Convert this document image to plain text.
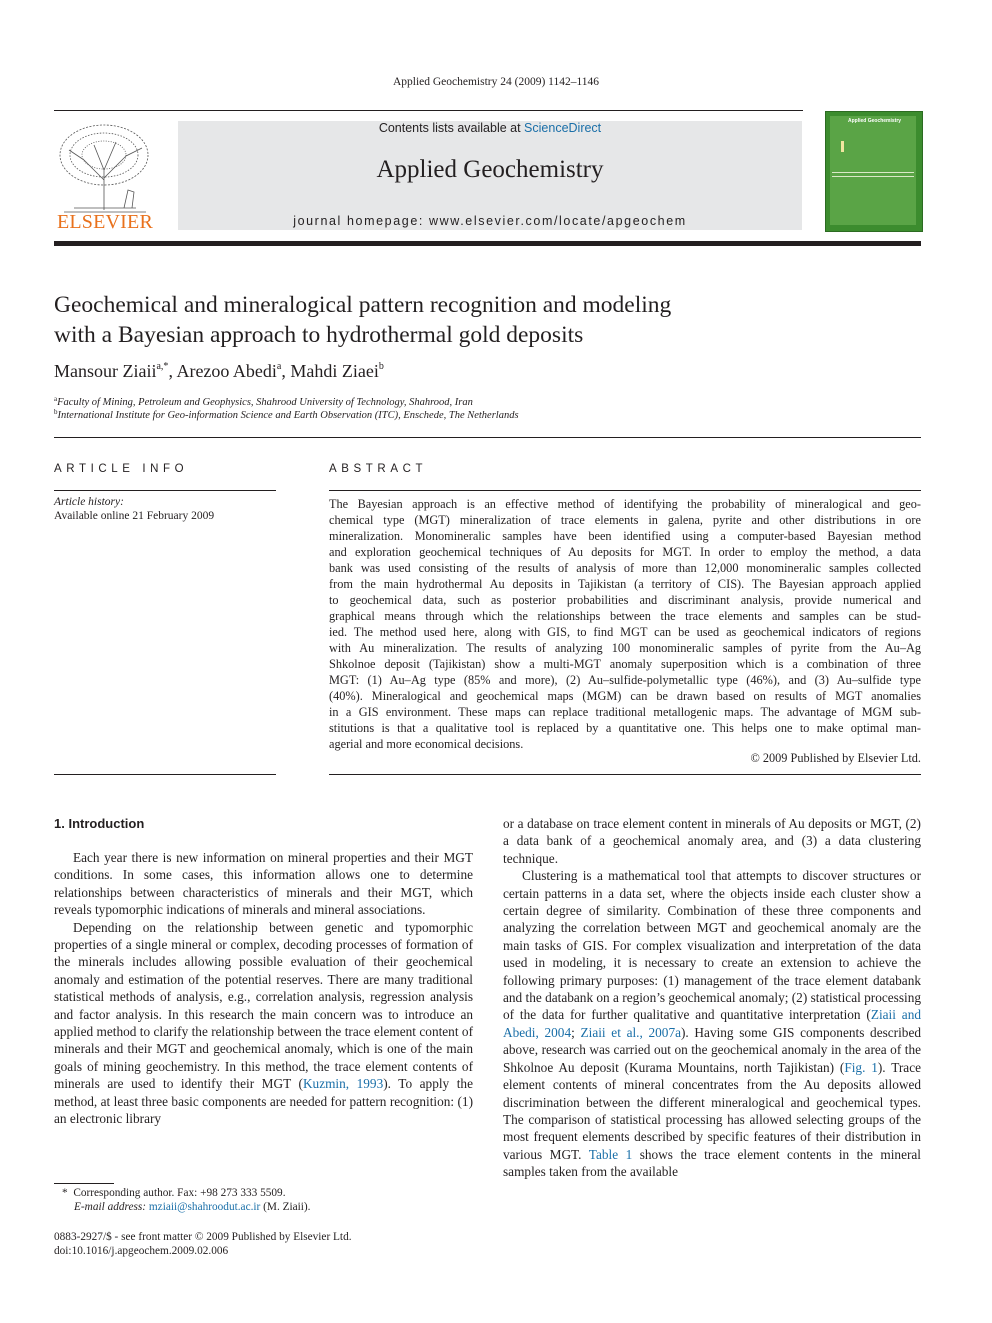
Applied Geochemistry 24 (2009) 1142–1146
ELSEVIER
Contents lists available at ScienceDirect
Applied Geochemistry
journal homepage: www.elsevier.com/locate/apgeochem
Applied Geochemistry
Geochemical and mineralogical pattern recognition and modeling
with a Bayesian approach to hydrothermal gold deposits
Mansour Ziaii$^{a,*}$, Arezoo Abedi$^a$, Mahdi Ziaei$^b$
$^a$Faculty of Mining, Petroleum and Geophysics, Shahrood University of Technology, Shahrood, Iran
$^b$International Institute for Geo-information Science and Earth Observation (ITC), Enschede, The Netherlands
ARTICLE INFO
Article history:
Available online 21 February 2009
ABSTRACT
The Bayesian approach is an effective method of identifying the probability of mineralogical and geo-
chemical type (MGT) mineralization of trace elements in galena, pyrite and other distributions in ore
mineralization. Monomineralic samples have been identified using a computer-based Bayesian method
and exploration geochemical techniques of Au deposits for MGT. In order to employ the method, a data
bank was used consisting of the results of analysis of more than 12,000 monomineralic samples collected
from the main hydrothermal Au deposits in Tajikistan (a territory of CIS). The Bayesian approach applied
to geochemical data, such as posterior probabilities and discriminant analysis, provide numerical and
graphical means through which the relationships between the trace elements and samples can be stud-
ied. The method used here, along with GIS, to find MGT can be used as geochemical indicators of regions
with Au mineralization. The results of analyzing 100 monomineralic samples of pyrite from the Au–Ag
Shkolnoe deposit (Tajikistan) show a multi-MGT anomaly superposition which is a combination of three
MGT: (1) Au–Ag type (85% and more), (2) Au–sulfide-polymetallic type (46%), and (3) Au–sulfide type
(40%). Mineralogical and geochemical maps (MGM) can be drawn based on results of MGT anomalies
in a GIS environment. These maps can replace traditional metallogenic maps. The advantage of MGM sub-
stitutions is that a qualitative tool is replaced by a quantitative one. This helps one to make optimal man-
agerial and more economical decisions.
© 2009 Published by Elsevier Ltd.
1. Introduction

Each year there is new information on mineral properties and their MGT conditions. In some cases, this information allows one to determine relationships between characteristics of minerals and their MGT, which reveals typomorphic indications of minerals and mineral associations.

Depending on the relationship between genetic and typomorphic properties of a single mineral or complex, decoding processes of formation of the minerals includes allowing possible evaluation of their geochemical anomaly and estimation of the potential reserves. There are many traditional statistical methods of analysis, e.g., correlation analysis, regression analysis and factor analysis. In this research the main concern was to introduce an applied method to clarify the relationship between the trace element content of minerals and their MGT and geochemical anomaly, which is one of the main goals of mining geochemistry. In this method, the trace element contents of minerals are used to identify their MGT (Kuzmin, 1993). To apply the method, at least three basic components are needed for pattern recognition: (1) an electronic library

or a database on trace element content in minerals of Au deposits or MGT, (2) a data bank of a geochemical anomaly area, and (3) a data clustering technique.

Clustering is a mathematical tool that attempts to discover structures or certain patterns in a data set, where the objects inside each cluster show a certain degree of similarity. Combination of these three components and analyzing the correlation between MGT and geochemical anomaly are the main tasks of GIS. For complex visualization and interpretation of the data used in modeling, it is necessary to create an extension to achieve the following primary purposes: (1) management of the trace element databank and the databank on a region’s geochemical anomaly; (2) statistical processing of the data for further qualitative and quantitative interpretation (Ziaii and Abedi, 2004; Ziaii et al., 2007a). Having some GIS components described above, research was carried out on the geochemical anomaly in the area of the Shkolnoe Au deposit (Kurama Mountains, north Tajikistan) (Fig. 1). Trace element contents of mineral concentrates from the Au deposits allowed discrimination between the different mineralogical and geochemical types. The comparison of statistical processing has allowed selecting groups of the most frequent elements described by specific features of their distribution in various MGT. Table 1 shows the trace element contents in the mineral samples taken from the available

* Corresponding author. Fax: +98 273 333 5509.
E-mail address: mziaii@shahroodut.ac.ir (M. Ziaii).
0883-2927/$ - see front matter © 2009 Published by Elsevier Ltd.
doi:10.1016/j.apgeochem.2009.02.006
